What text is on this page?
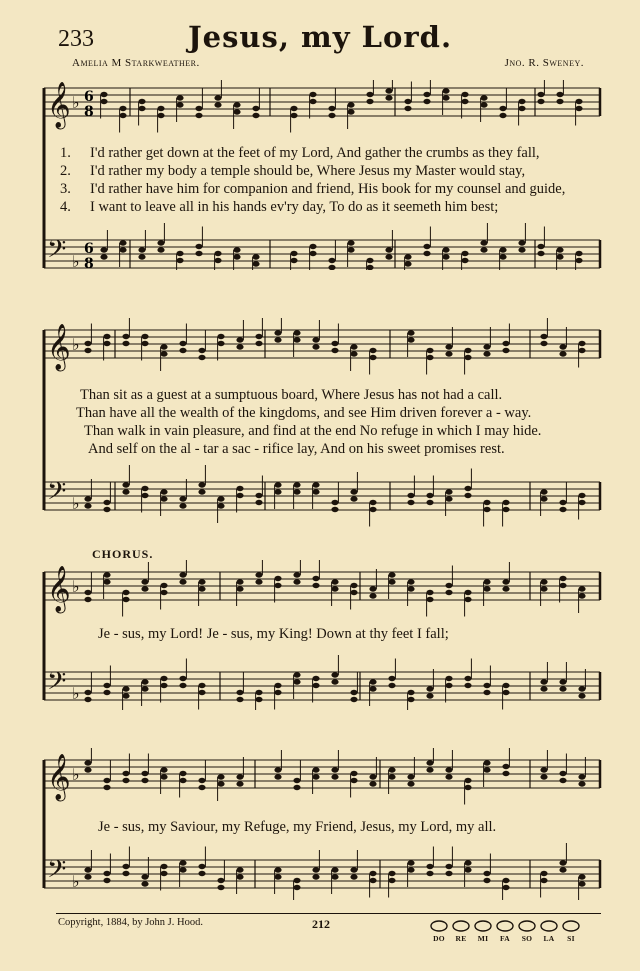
233	Jesus, my Lord.
Amelia M Starkweather.	Jno. R. Sweney.
𝄞 ♭ 6
8
𝄢 ♭
6
8
1. I'd rather get down at the feet of my Lord, And gather the crumbs as they fall,
2. I'd rather my body a temple should be, Where Jesus my Master would stay,
3. I'd rather have him for companion and friend, His book for my counsel and guide,
4. I want to leave all in his hands ev'ry day, To do as it seemeth him best;
𝄞 ♭
𝄢 ♭
Than sit as a guest at a sumptuous board, Where Jesus has not had a call.
Than have all the wealth of the kingdoms, and see Him driven forever a - way.
Than walk in vain pleasure, and find at the end No refuge in which I may hide.
And self on the al - tar a sac - rifice lay, And on his sweet promises rest.
CHORUS.
𝄞 ♭
𝄢 ♭
Je - sus, my Lord! Je - sus, my King! Down at thy feet I fall;
𝄞 ♭
𝄢 ♭
Je - sus, my Saviour, my Refuge, my Friend, Jesus, my Lord, my all.
Copyright, 1884, by John J. Hood.	212
DO RE MI FA SO LA SI
